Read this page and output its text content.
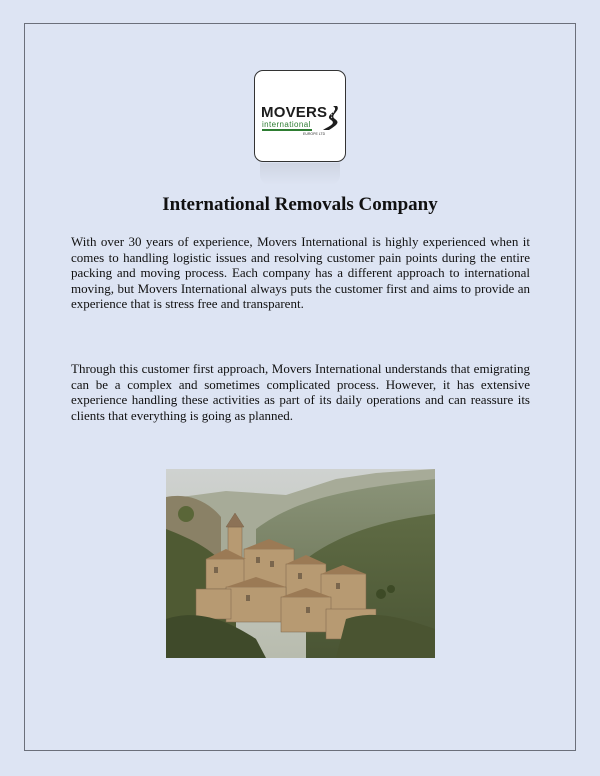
MOVERS
international
EUROPE LTD
International Removals Company

With over 30 years of experience, Movers International is highly experienced when it comes to handling logistic issues and resolving customer pain points during the entire packing and moving process. Each company has a different approach to international moving, but Movers International always puts the customer first and aims to provide an experience that is stress free and transparent.

Through this customer first approach, Movers International understands that emigrating can be a complex and sometimes complicated process. However, it has extensive experience handling these activities as part of its daily operations and can reassure its clients that everything is going as planned.
